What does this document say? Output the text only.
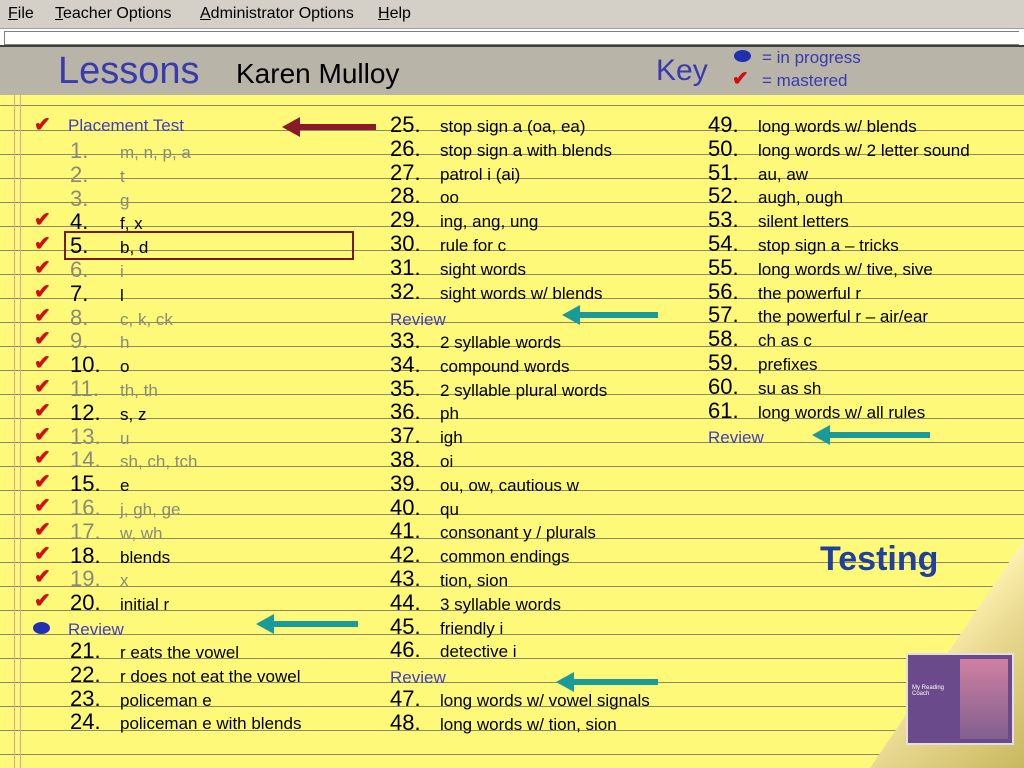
File Teacher Options Administrator Options Help
Lessons Karen Mulloy	Key	= in progress
✔ = mastered
✔ Placement Test
1. m, n, p, a
2. t
3. g
4. f, x
✔
5. b, d
✔
6. i
✔
7. l
✔
8. c, k, ck
✔
9. h
✔
10. o
✔
11. th, th
✔
12. s, z
✔
13. u
✔
14. sh, ch, tch
✔
15. e
✔
16. j, gh, ge
✔
17. w, wh
✔
18. blends
✔
19. x
✔
20. initial r
✔
Review
21. r eats the vowel
22. r does not eat the vowel
23. policeman e
24. policeman e with blends
25. stop sign a (oa, ea)
26. stop sign a with blends
27. patrol i (ai)
28. oo
29. ing, ang, ung
30. rule for c
31. sight words
32. sight words w/ blends
Review
33. 2 syllable words
34. compound words
35. 2 syllable plural words
36. ph
37. igh
38. oi
39. ou, ow, cautious w
40. qu
41. consonant y / plurals
42. common endings
43. tion, sion
44. 3 syllable words
45. friendly i
46. detective i
Review
47. long words w/ vowel signals
48. long words w/ tion, sion
49. long words w/ blends
50. long words w/ 2 letter sound
51. au, aw
52. augh, ough
53. silent letters
54. stop sign a – tricks
55. long words w/ tive, sive
56. the powerful r
57. the powerful r – air/ear
58. ch as c
59. prefixes
60. su as sh
61. long words w/ all rules
Review
Testing
My Reading Coach
